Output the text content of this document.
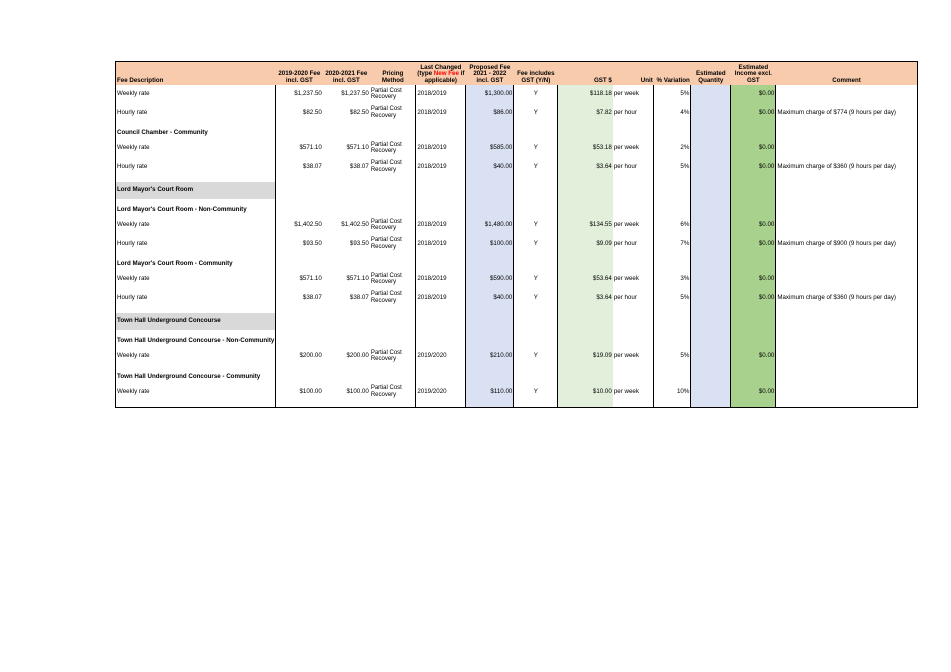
Fee Description	2019-2020 Fee incl. GST	2020-2021 Fee incl. GST	Pricing Method	Last Changed (type New Fee if applicable)	Proposed Fee 2021 - 2022 incl. GST	Fee includes GST (Y/N)	GST $	Unit	% Variation	Estimated Quantity	Estimated Income excl. GST	Comment
Weekly rate	$1,237.50	$1,237.50	Partial Cost Recovery	2018/2019	$1,300.00	Y	$118.18	per week	5%		$0.00	
Hourly rate	$82.50	$82.50	Partial Cost Recovery	2018/2019	$86.00	Y	$7.82	per hour	4%		$0.00	Maximum charge of $774 (9 hours per day)

Council Chamber - Community												
Weekly rate	$571.10	$571.10	Partial Cost Recovery	2018/2019	$585.00	Y	$53.18	per week	2%		$0.00	
Hourly rate	$38.07	$38.07	Partial Cost Recovery	2018/2019	$40.00	Y	$3.64	per hour	5%		$0.00	Maximum charge of $360 (9 hours per day)

Lord Mayor's Court Room												

Lord Mayor's Court Room - Non-Community												
Weekly rate	$1,402.50	$1,402.50	Partial Cost Recovery	2018/2019	$1,480.00	Y	$134.55	per week	6%		$0.00	
Hourly rate	$93.50	$93.50	Partial Cost Recovery	2018/2019	$100.00	Y	$9.09	per hour	7%		$0.00	Maximum charge of $900 (9 hours per day)

Lord Mayor's Court Room - Community												
Weekly rate	$571.10	$571.10	Partial Cost Recovery	2018/2019	$590.00	Y	$53.64	per week	3%		$0.00	
Hourly rate	$38.07	$38.07	Partial Cost Recovery	2018/2019	$40.00	Y	$3.64	per hour	5%		$0.00	Maximum charge of $360 (9 hours per day)

Town Hall Underground Concourse												

Town Hall Underground Concourse - Non-Community												
Weekly rate	$200.00	$200.00	Partial Cost Recovery	2019/2020	$210.00	Y	$19.09	per week	5%		$0.00	

Town Hall Underground Concourse - Community												
Weekly rate	$100.00	$100.00	Partial Cost Recovery	2019/2020	$110.00	Y	$10.00	per week	10%		$0.00	
